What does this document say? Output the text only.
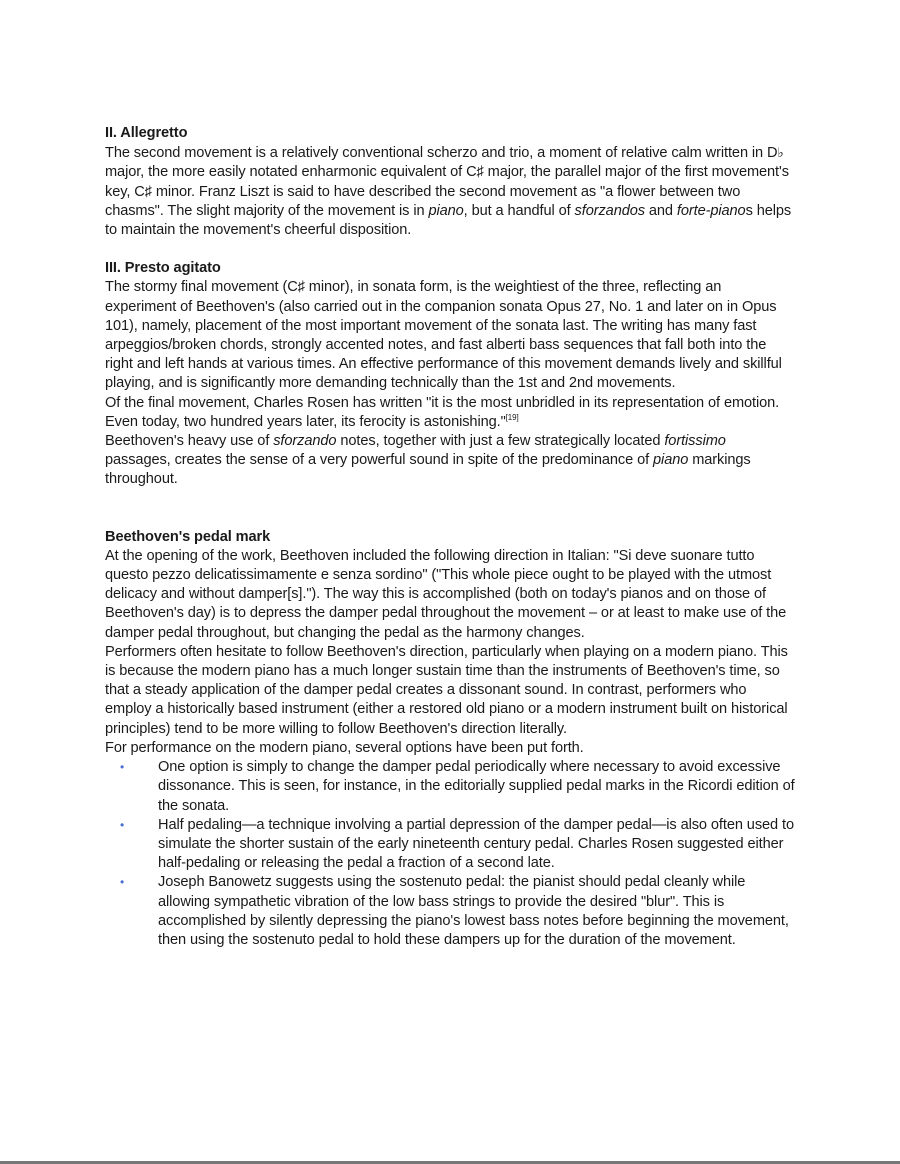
II. Allegretto

The second movement is a relatively conventional scherzo and trio, a moment of relative calm written in D♭ major, the more easily notated enharmonic equivalent of C♯ major, the parallel major of the first movement's key, C♯ minor. Franz Liszt is said to have described the second movement as "a flower between two chasms". The slight majority of the movement is in piano, but a handful of sforzandos and forte-pianos helps to maintain the movement's cheerful disposition.

III. Presto agitato

The stormy final movement (C♯ minor), in sonata form, is the weightiest of the three, reflecting an experiment of Beethoven's (also carried out in the companion sonata Opus 27, No. 1 and later on in Opus 101), namely, placement of the most important movement of the sonata last. The writing has many fast arpeggios/broken chords, strongly accented notes, and fast alberti bass sequences that fall both into the right and left hands at various times. An effective performance of this movement demands lively and skillful playing, and is significantly more demanding technically than the 1st and 2nd movements.

Of the final movement, Charles Rosen has written "it is the most unbridled in its representation of emotion. Even today, two hundred years later, its ferocity is astonishing."[19]

Beethoven's heavy use of sforzando notes, together with just a few strategically located fortissimo passages, creates the sense of a very powerful sound in spite of the predominance of piano markings throughout.

Beethoven's pedal mark

At the opening of the work, Beethoven included the following direction in Italian: "Si deve suonare tutto questo pezzo delicatissimamente e senza sordino" ("This whole piece ought to be played with the utmost delicacy and without damper[s]."). The way this is accomplished (both on today's pianos and on those of Beethoven's day) is to depress the damper pedal throughout the movement – or at least to make use of the damper pedal throughout, but changing the pedal as the harmony changes.

Performers often hesitate to follow Beethoven's direction, particularly when playing on a modern piano. This is because the modern piano has a much longer sustain time than the instruments of Beethoven's time, so that a steady application of the damper pedal creates a dissonant sound. In contrast, performers who employ a historically based instrument (either a restored old piano or a modern instrument built on historical principles) tend to be more willing to follow Beethoven's direction literally.

For performance on the modern piano, several options have been put forth.

• One option is simply to change the damper pedal periodically where necessary to avoid excessive dissonance. This is seen, for instance, in the editorially supplied pedal marks in the Ricordi edition of the sonata.
• Half pedaling—a technique involving a partial depression of the damper pedal—is also often used to simulate the shorter sustain of the early nineteenth century pedal. Charles Rosen suggested either half-pedaling or releasing the pedal a fraction of a second late.
• Joseph Banowetz suggests using the sostenuto pedal: the pianist should pedal cleanly while allowing sympathetic vibration of the low bass strings to provide the desired "blur". This is accomplished by silently depressing the piano's lowest bass notes before beginning the movement, then using the sostenuto pedal to hold these dampers up for the duration of the movement.
